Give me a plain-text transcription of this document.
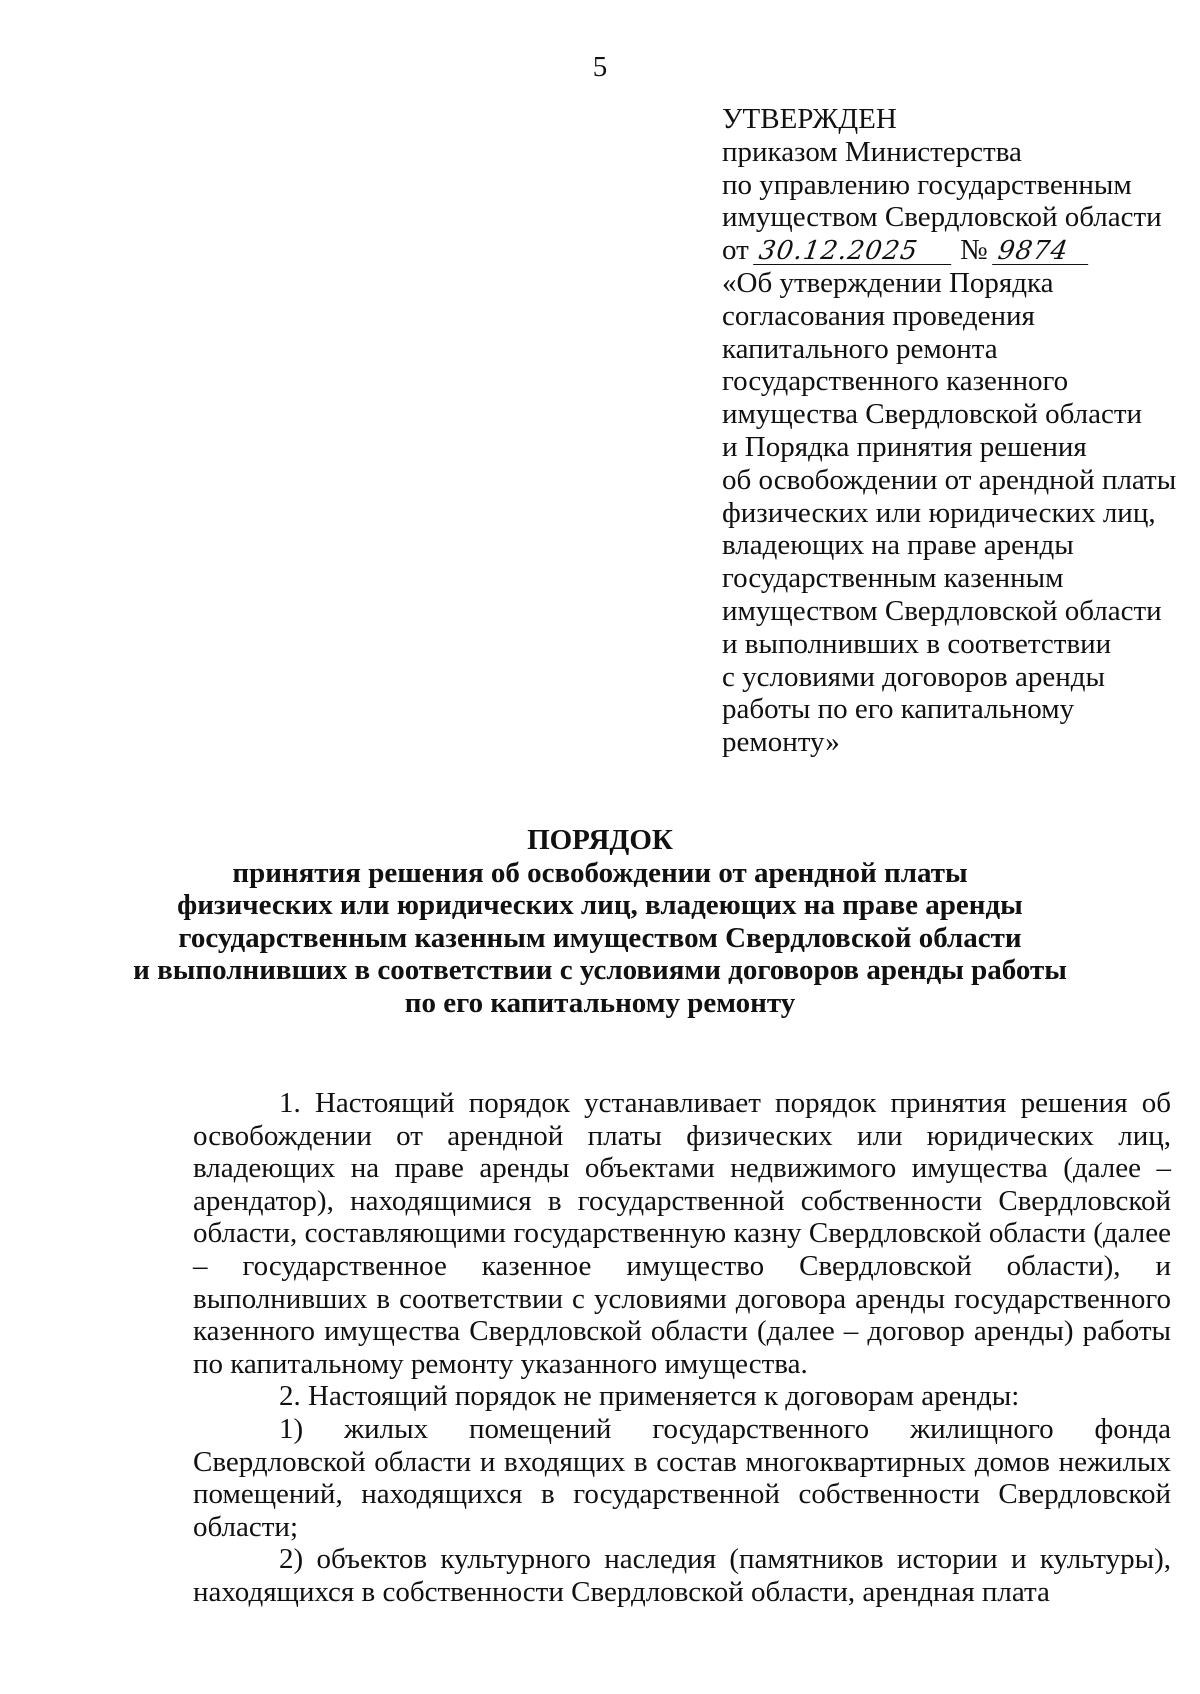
5
УТВЕРЖДЕН
приказом Министерства
по управлению государственным
имуществом Свердловской области
от 30.12.2025 № 9874
«Об утверждении Порядка
согласования проведения
капитального ремонта
государственного казенного
имущества Свердловской области
и Порядка принятия решения
об освобождении от арендной платы
физических или юридических лиц,
владеющих на праве аренды
государственным казенным
имуществом Свердловской области
и выполнивших в соответствии
с условиями договоров аренды
работы по его капитальному
ремонту»
ПОРЯДОК
принятия решения об освобождении от арендной платы
физических или юридических лиц, владеющих на праве аренды
государственным казенным имуществом Свердловской области
и выполнивших в соответствии с условиями договоров аренды работы
по его капитальному ремонту

1. Настоящий порядок устанавливает порядок принятия решения об освобождении от арендной платы физических или юридических лиц, владеющих на праве аренды объектами недвижимого имущества (далее – арендатор), находящимися в государственной собственности Свердловской области, составляющими государственную казну Свердловской области (далее – государственное казенное имущество Свердловской области), и выполнивших в соответствии с условиями договора аренды государственного казенного имущества Свердловской области (далее – договор аренды) работы по капитальному ремонту указанного имущества.

2. Настоящий порядок не применяется к договорам аренды:

1) жилых помещений государственного жилищного фонда Свердловской области и входящих в состав многоквартирных домов нежилых помещений, находящихся в государственной собственности Свердловской области;

2) объектов культурного наследия (памятников истории и культуры), находящихся в собственности Свердловской области, арендная плата
